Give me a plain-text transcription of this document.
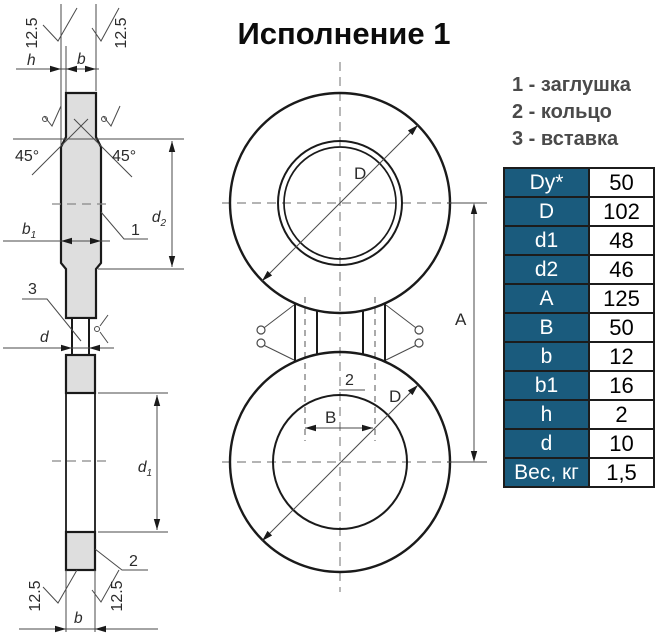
12.5	12.5
h	b
45°	45°
$b_1$	1
$d_2$
3
d
$d_1$
2
12.5	12.5
b
D
D
B
2
A
Исполнение 1
1 - заглушка
2 - кольцо
3 - вставка
Dy*	50
D	102
d1	48
d2	46
A	125
B	50
b	12
b1	16
h	2
d	10
Вес, кг	1,5
